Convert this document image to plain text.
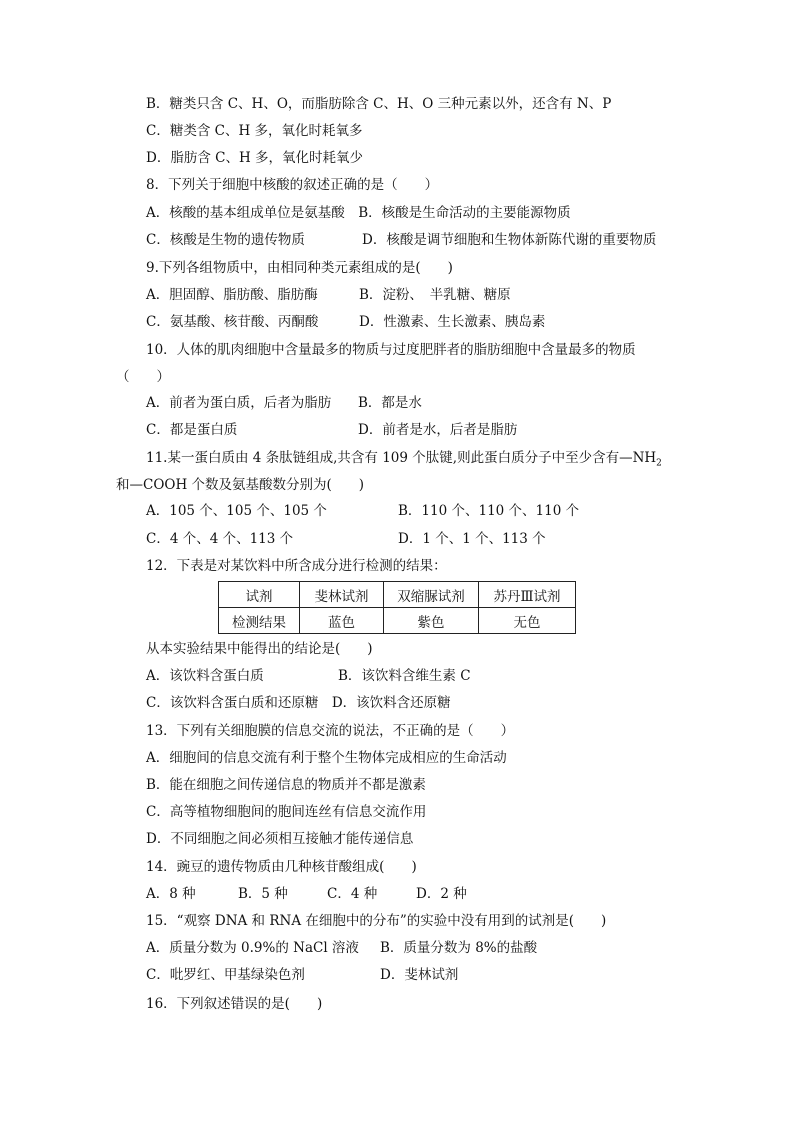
B．糖类只含 C、H、O，而脂肪除含 C、H、O 三种元素以外，还含有 N、P
C．糖类含 C、H 多，氧化时耗氧多
D．脂肪含 C、H 多，氧化时耗氧少
8．下列关于细胞中核酸的叙述正确的是（　　）
A．核酸的基本组成单位是氨基酸　B．核酸是生命活动的主要能源物质
C．核酸是生物的遗传物质	D．核酸是调节细胞和生物体新陈代谢的重要物质
9.下列各组物质中，由相同种类元素组成的是(　　)
A．胆固醇、脂肪酸、脂肪酶	B．淀粉、　半乳糖、糖原
C．氨基酸、核苷酸、丙酮酸	D．性激素、生长激素、胰岛素
10．人体的肌肉细胞中含量最多的物质与过度肥胖者的脂肪细胞中含量最多的物质
（　　）
A．前者为蛋白质，后者为脂肪 B．都是水
C．都是蛋白质	D．前者是水，后者是脂肪
11.某一蛋白质由 4 条肽链组成,共含有 109 个肽键,则此蛋白质分子中至少含有$—NH_2$
和—COOH 个数及氨基酸数分别为(　　)
A．105 个、105 个、105 个	B．110 个、110 个、110 个
C．4 个、4 个、113 个	D．1 个、1 个、113 个
12．下表是对某饮料中所含成分进行检测的结果：
试剂	斐林试剂	双缩脲试剂	苏丹Ⅲ试剂
检测结果	蓝色	紫色	无色
从本实验结果中能得出的结论是(　　)
A．该饮料含蛋白质	B．该饮料含维生素 C
C．该饮料含蛋白质和还原糖　D．该饮料含还原糖
13．下列有关细胞膜的信息交流的说法，不正确的是（　　）
A．细胞间的信息交流有利于整个生物体完成相应的生命活动
B．能在细胞之间传递信息的物质并不都是激素
C．高等植物细胞间的胞间连丝有信息交流作用
D．不同细胞之间必须相互接触才能传递信息
14．豌豆的遗传物质由几种核苷酸组成(　　)
A．8 种	B．5 种	C．4 种	D．2 种
15．“观察 DNA 和 RNA 在细胞中的分布”的实验中没有用到的试剂是(　　)
A．质量分数为 0.9%的 NaCl 溶液 B．质量分数为 8%的盐酸
C．吡罗红、甲基绿染色剂	D．斐林试剂
16．下列叙述错误的是(　　)
